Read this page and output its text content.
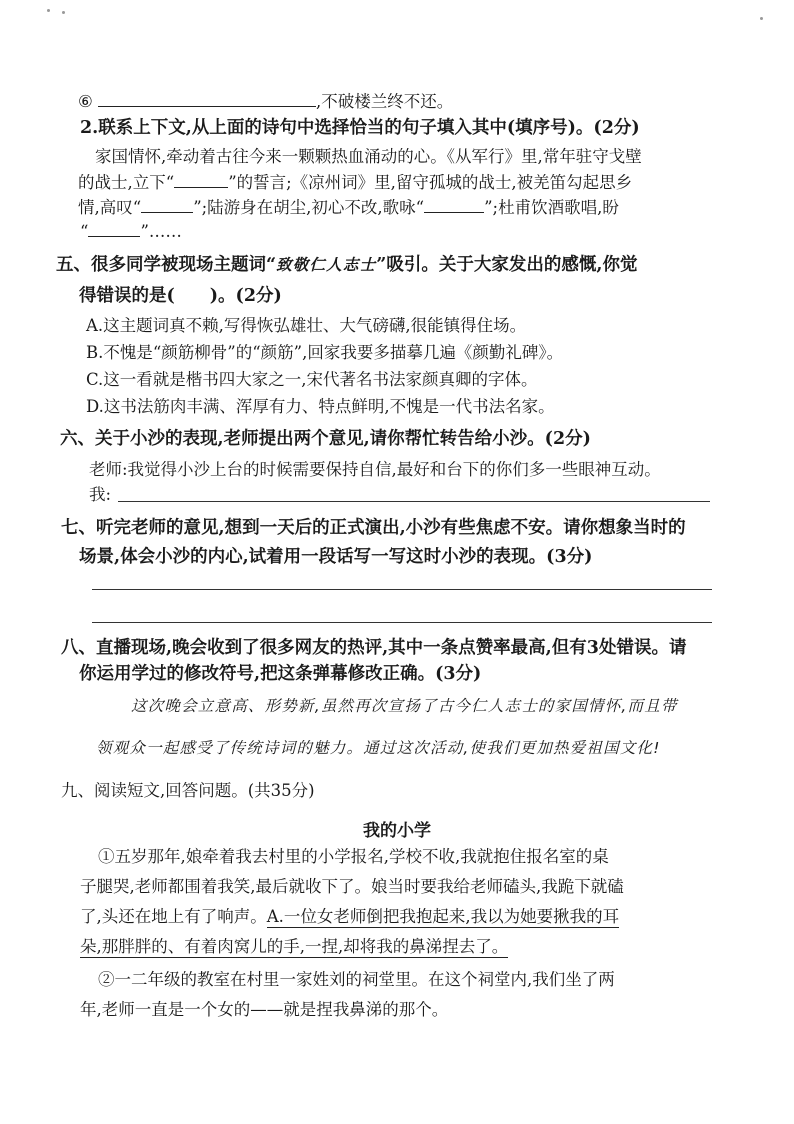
⑥	,不破楼兰终不还。
2.联系上下文,从上面的诗句中选择恰当的句子填入其中(填序号)。(2分)
家国情怀,牵动着古往今来一颗颗热血涌动的心。《从军行》里,常年驻守戈壁
的战士,立下“	”的誓言;《凉州词》里,留守孤城的战士,被羌笛勾起思乡
情,高叹“	”;陆游身在胡尘,初心不改,歌咏“	”;杜甫饮酒歌唱,盼
“	”……
五、很多同学被现场主题词“致敬仁人志士”吸引。关于大家发出的感慨,你觉
得错误的是(　　)。(2分)
A.这主题词真不赖,写得恢弘雄壮、大气磅礴,很能镇得住场。
B.不愧是“颜筋柳骨”的“颜筋”,回家我要多描摹几遍《颜勤礼碑》。
C.这一看就是楷书四大家之一,宋代著名书法家颜真卿的字体。
D.这书法筋肉丰满、浑厚有力、特点鲜明,不愧是一代书法名家。
六、关于小沙的表现,老师提出两个意见,请你帮忙转告给小沙。(2分)
老师:我觉得小沙上台的时候需要保持自信,最好和台下的你们多一些眼神互动。
我:
七、听完老师的意见,想到一天后的正式演出,小沙有些焦虑不安。请你想象当时的
场景,体会小沙的内心,试着用一段话写一写这时小沙的表现。(3分)
八、直播现场,晚会收到了很多网友的热评,其中一条点赞率最高,但有3处错误。请
你运用学过的修改符号,把这条弹幕修改正确。(3分)
这次晚会立意高、形势新,虽然再次宣扬了古今仁人志士的家国情怀,而且带
领观众一起感受了传统诗词的魅力。通过这次活动,使我们更加热爱祖国文化!
九、阅读短文,回答问题。(共35分)
我的小学
①五岁那年,娘牵着我去村里的小学报名,学校不收,我就抱住报名室的桌
子腿哭,老师都围着我笑,最后就收下了。娘当时要我给老师磕头,我跪下就磕
了,头还在地上有了响声。A.一位女老师倒把我抱起来,我以为她要揪我的耳
朵,那胖胖的、有着肉窝儿的手,一捏,却将我的鼻涕捏去了。
②一二年级的教室在村里一家姓刘的祠堂里。在这个祠堂内,我们坐了两
年,老师一直是一个女的——就是捏我鼻涕的那个。
